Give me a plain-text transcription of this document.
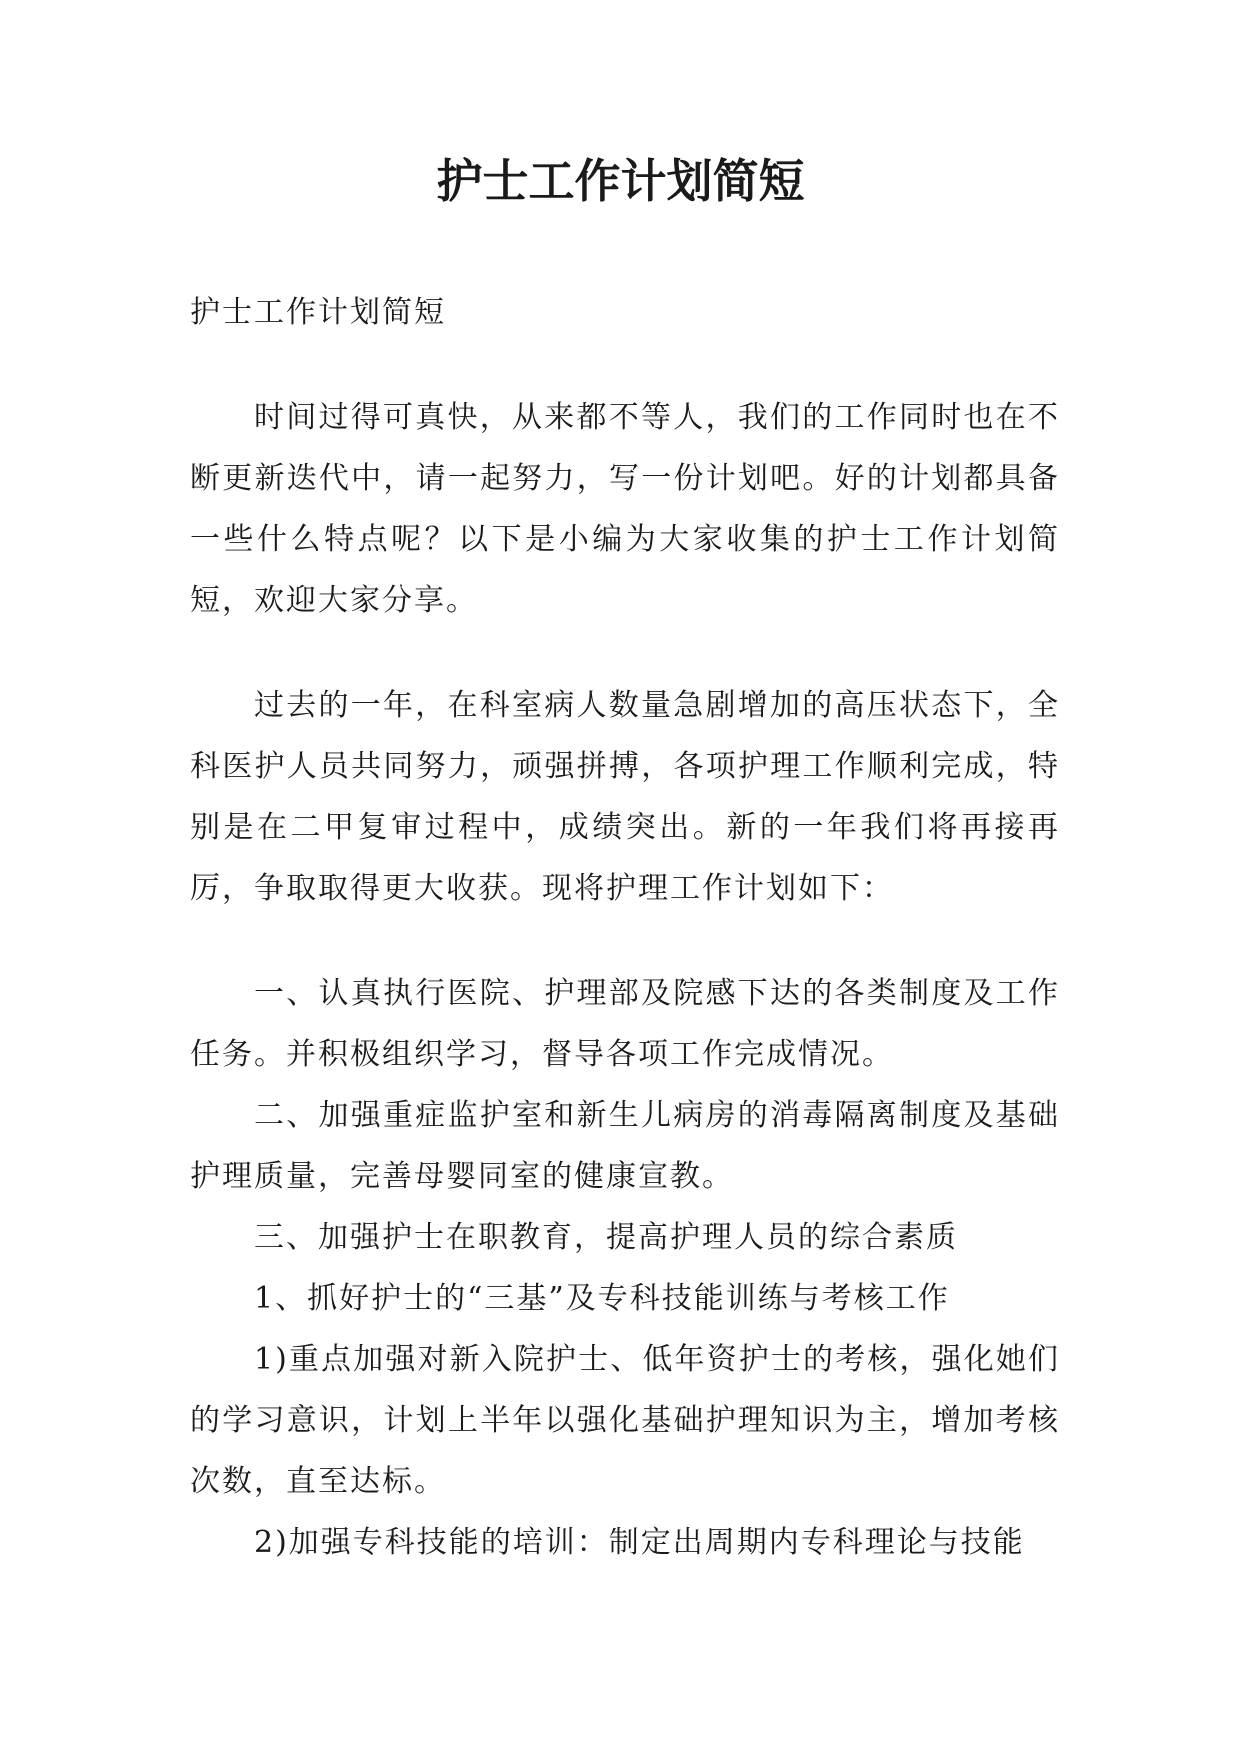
护士工作计划简短

护士工作计划简短

时间过得可真快，从来都不等人，我们的工作同时也在不断更新迭代中，请一起努力，写一份计划吧。好的计划都具备一些什么特点呢？以下是小编为大家收集的护士工作计划简短，欢迎大家分享。

过去的一年，在科室病人数量急剧增加的高压状态下，全科医护人员共同努力，顽强拼搏，各项护理工作顺利完成，特别是在二甲复审过程中，成绩突出。新的一年我们将再接再厉，争取取得更大收获。现将护理工作计划如下：

一、认真执行医院、护理部及院感下达的各类制度及工作任务。并积极组织学习，督导各项工作完成情况。

二、加强重症监护室和新生儿病房的消毒隔离制度及基础护理质量，完善母婴同室的健康宣教。

三、加强护士在职教育，提高护理人员的综合素质

1、抓好护士的“三基”及专科技能训练与考核工作

1)重点加强对新入院护士、低年资护士的考核，强化她们的学习意识，计划上半年以强化基础护理知识为主，增加考核次数，直至达标。

2)加强专科技能的培训：制定出周期内专科理论与技能
